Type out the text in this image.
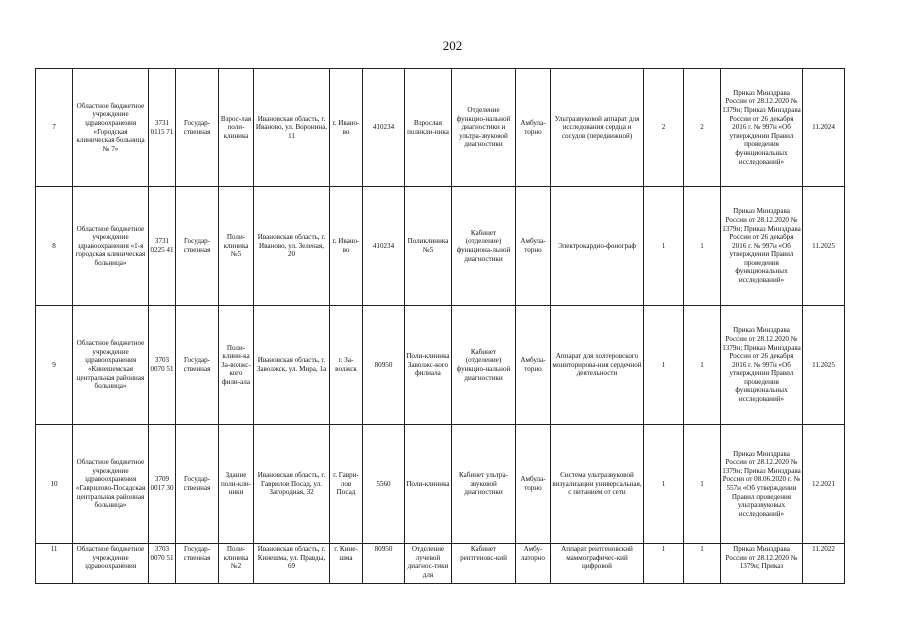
202
7	Областное бюджетное учреждение здравоохранения «Городская клиническая больница № 7»	3731 0115 71	Государ-ственная	Взрос-лая поли-клиника	Ивановская область, г. Иваново, ул. Воронина, 11	г. Ивано-во	410234	Взрослая поликли-ника	Отделение функцио-нальной диагностики и ультра-звуковой диагностики	Амбула-торно	Ультразвуковой аппарат для исследования сердца и сосудов (передвижной)	2	2	Приказ Минздрава России от 28.12.2020 № 1379н; Приказ Минздрава России от 26 декабря 2016 г. № 997н «Об утверждении Правил проведения функциональных исследований»	11.2024
8	Областное бюджетное учреждение здравоохранения «1-я городская клиническая больница»	3731 0225 41	Государ-ственная	Поли-клиника №5	Ивановская область, г. Иваново, ул. Зеленая, 20	г. Ивано-во	410234	Поликлиника №5	Кабинет (отделение) функциона-льной диагностики	Амбула-торно	Электрокардио-фонограф	1	1	Приказ Минздрава России от 28.12.2020 № 1379н; Приказ Минздрава России от 26 декабря 2016 г. № 997н «Об утверждении Правил проведения функциональных исследований»	11.2025
9	Областное бюджетное учреждение здравоохранения «Кинешемская центральная районная больница»	3703 0070 51	Государ-ственная	Поли-клини-ка За-волжс-кого фили-ала	Ивановская область, г. Заволжск, ул. Мира, 1а	г. За-волжск	80950	Поли-клиника Заволжс-кого филиала	Кабинет (отделение) функцио-нальной диагностики	Амбула-торно	Аппарат для холтеровского мониторирова-ния сердечной деятельности	1	1	Приказ Минздрава России от 28.12.2020 № 1379н; Приказ Минздрава России от 26 декабря 2016 г. № 997н «Об утверждении Правил проведения функциональных исследований»	11.2025
10	Областное бюджетное учреждение здравоохранения «Гаврилово-Посадская центральная районная больница»	3709 0017 30	Государ-ственная	Здание поли-кли-ники	Ивановская область, г. Гаврилов Посад, ул. Загородная, 32	г. Гаври-лов Посад	5560	Поли-клиника	Кабинет ультра-звуковой диагностики	Амбула-торно	Система ультразвуковой визуализации универсальная, с питанием от сети	1	1	Приказ Минздрава России от 28.12.2020 № 1379н; Приказ Минздрава России от 08.06.2020 г. № 557н «Об утверждении Правил проведения ультразвуковых исследований»	12.2021
11	Областное бюджетное учреждение здравоохранения	3703 0070 51	Государ-ственная	Поли-клиника №2	Ивановская область, г. Кинешма, ул. Правды, 69	г. Кине-шма	80950	Отделение лучевой диагнос-тики для	Кабинет рентгеновс-кий	Амбу-латорно	Аппарат рентгеновский маммографичес-кий цифровой	1	1	Приказ Минздрава России от 28.12.2020 № 1379н; Приказ	11.2022
